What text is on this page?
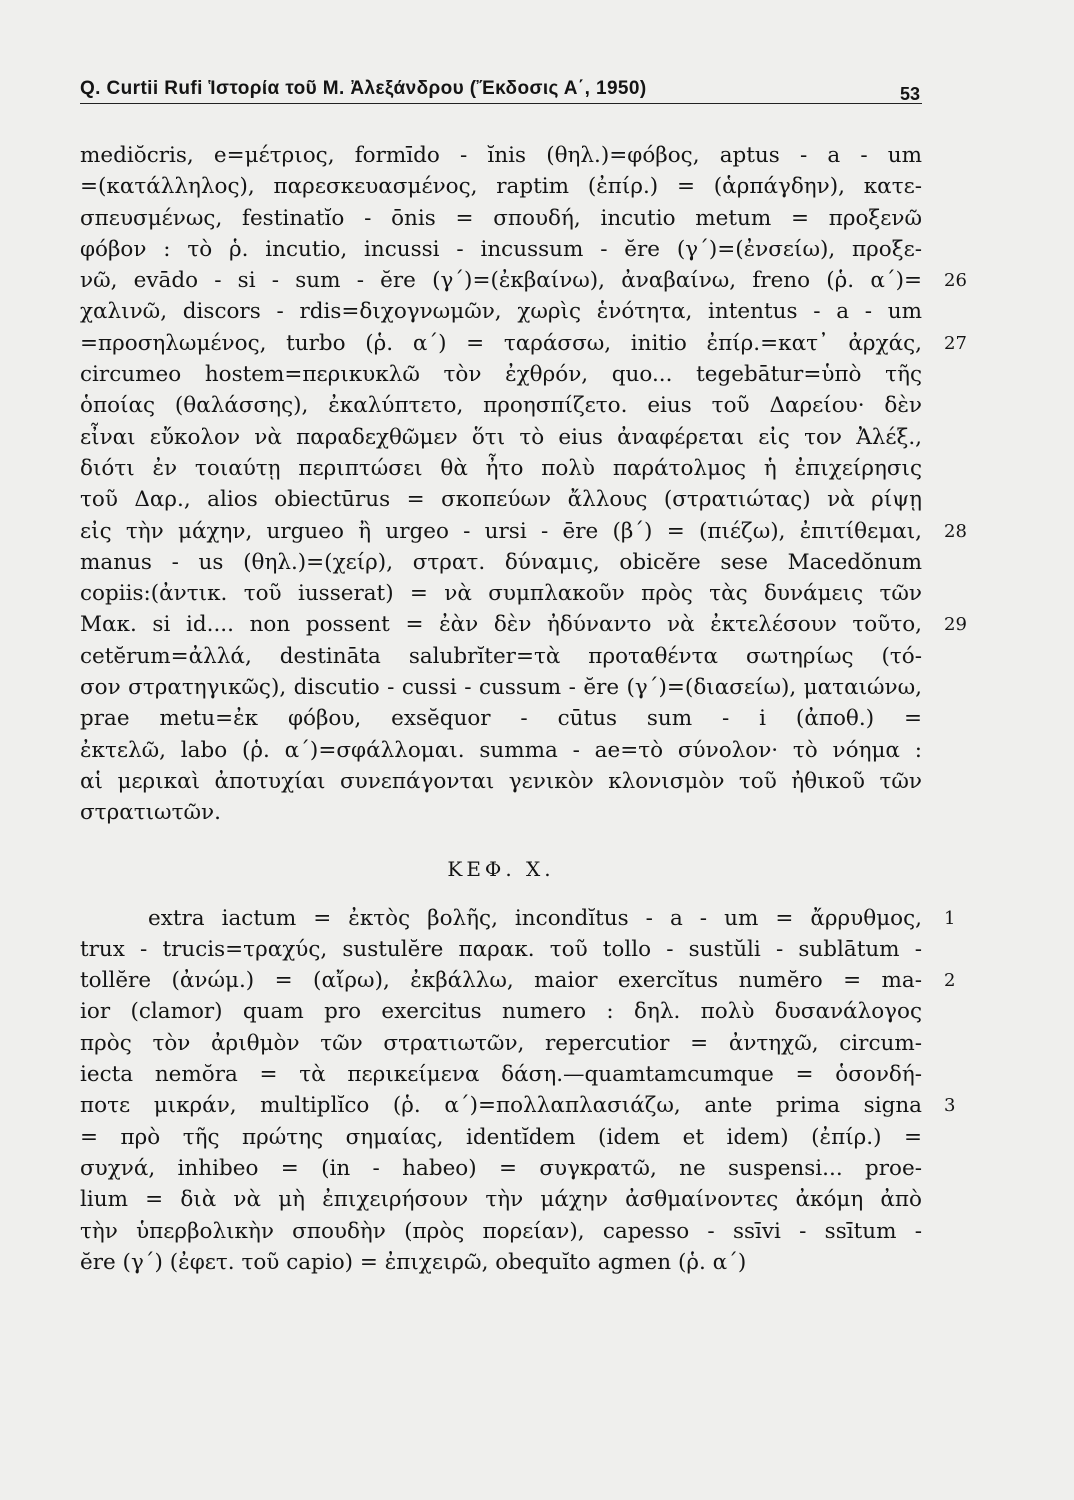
Q. Curtii Rufi Ἱστορία τοῦ Μ. Ἀλεξάνδρου (Ἔκδοσις Α΄, 1950)	53
mediŏcris, e=μέτριος, formīdo - ĭnis (θηλ.)=φόβος, aptus - a - um
=(κατάλληλος), παρεσκευασμένος, raptim (ἐπίρ.) = (ἁρπάγδην), κατε-
σπευσμένως, festinatĭo - ōnis = σπουδή, incutio metum = προξενῶ
φόβον : τὸ ῥ. incutio, incussi - incussum - ĕre (γ΄)=(ἐνσείω), προξε-
νῶ, evādo - si - sum - ĕre (γ΄)=(ἐκβαίνω), ἀναβαίνω, freno (ῥ. α΄)= 26
χαλινῶ, discors - rdis=διχογνωμῶν, χωρὶς ἑνότητα, intentus - a - um
=προσηλωμένος, turbo (ῥ. α΄) = ταράσσω, initio ἐπίρ.=κατ᾽ ἀρχάς, 27
circumeo hostem=περικυκλῶ τὸν ἐχθρόν, quo... tegebātur=ὑπὸ τῆς
ὁποίας (θαλάσσης), ἐκαλύπτετο, προησπίζετο. eius τοῦ Δαρείου· δὲν
εἶναι εὔκολον νὰ παραδεχθῶμεν ὅτι τὸ eius ἀναφέρεται εἰς τον Ἀλέξ.,
διότι ἐν τοιαύτῃ περιπτώσει θὰ ἦτο πολὺ παράτολμος ἡ ἐπιχείρησις
τοῦ Δαρ., alios obiectūrus = σκοπεύων ἄλλους (στρατιώτας) νὰ ρίψῃ
εἰς τὴν μάχην, urgueo ἢ urgeo - ursi - ēre (β΄) = (πιέζω), ἐπιτίθεμαι, 28
manus - us (θηλ.)=(χείρ), στρατ. δύναμις, obicĕre sese Macedŏnum
copiis:(ἀντικ. τοῦ iusserat) = νὰ συμπλακοῦν πρὸς τὰς δυνάμεις τῶν
Μακ. si id.... non possent = ἐὰν δὲν ἠδύναντο νὰ ἐκτελέσουν τοῦτο, 29
cetĕrum=ἀλλά, destināta salubrĭter=τὰ προταθέντα σωτηρίως (τό-
σον στρατηγικῶς), discutio - cussi - cussum - ĕre (γ΄)=(διασείω), ματαιώνω,
prae metu=ἐκ φόβου, exsĕquor - cūtus sum - i (ἀποθ.) =
ἐκτελῶ, labo (ῥ. α΄)=σφάλλομαι. summa - ae=τὸ σύνολον· τὸ νόημα :
αἱ μερικαὶ ἀποτυχίαι συνεπάγονται γενικὸν κλονισμὸν τοῦ ἠθικοῦ τῶν
στρατιωτῶν.
ΚΕΦ. Χ.
extra iactum = ἐκτὸς βολῆς, incondĭtus - a - um = ἄρρυθμος, 1
trux - trucis=τραχύς, sustulĕre παρακ. τοῦ tollo - sustŭli - sublātum -
tollĕre (ἀνώμ.) = (αἴρω), ἐκβάλλω, maior exercĭtus numĕro = ma- 2
ior (clamor) quam pro exercitus numero : δηλ. πολὺ δυσανάλογος
πρὸς τὸν ἀριθμὸν τῶν στρατιωτῶν, repercutior = ἀντηχῶ, circum-
iecta nemŏra = τὰ περικείμενα δάση.—quamtamcumque = ὁσονδή-
ποτε μικράν, multiplĭco (ῥ. α΄)=πολλαπλασιάζω, ante prima signa 3
= πρὸ τῆς πρώτης σημαίας, identĭdem (idem et idem) (ἐπίρ.) =
συχνά, inhibeo = (in - habeo) = συγκρατῶ, ne suspensi... proe-
lium = διὰ νὰ μὴ ἐπιχειρήσουν τὴν μάχην ἀσθμαίνοντες ἀκόμη ἀπὸ
τὴν ὑπερβολικὴν σπουδὴν (πρὸς πορείαν), capesso - ssīvi - ssītum -
ĕre (γ΄) (ἐφετ. τοῦ capio) = ἐπιχειρῶ, obequĭto agmen (ῥ. α΄)
